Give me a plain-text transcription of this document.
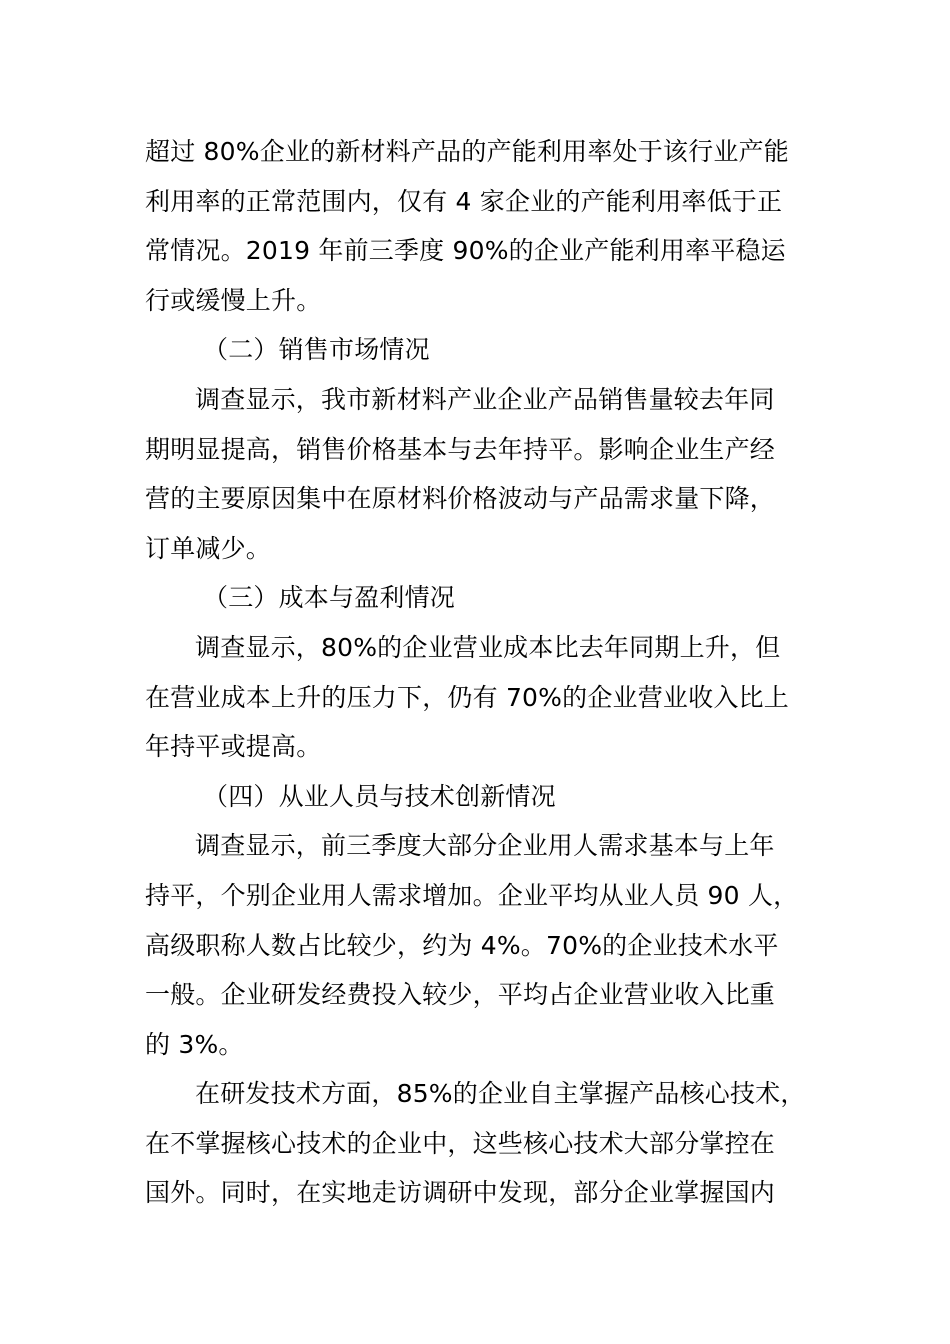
超过 80%企业的新材料产品的产能利用率处于该行业产能
利用率的正常范围内，仅有 4 家企业的产能利用率低于正
常情况。2019 年前三季度 90%的企业产能利用率平稳运
行或缓慢上升。
（二）销售市场情况
调查显示，我市新材料产业企业产品销售量较去年同
期明显提高，销售价格基本与去年持平。影响企业生产经
营的主要原因集中在原材料价格波动与产品需求量下降，
订单减少。
（三）成本与盈利情况
调查显示，80%的企业营业成本比去年同期上升，但
在营业成本上升的压力下，仍有 70%的企业营业收入比上
年持平或提高。
（四）从业人员与技术创新情况
调查显示，前三季度大部分企业用人需求基本与上年
持平，个别企业用人需求增加。企业平均从业人员 90 人，
高级职称人数占比较少，约为 4%。70%的企业技术水平
一般。企业研发经费投入较少，平均占企业营业收入比重
的 3%。
在研发技术方面，85%的企业自主掌握产品核心技术，
在不掌握核心技术的企业中，这些核心技术大部分掌控在
国外。同时，在实地走访调研中发现，部分企业掌握国内
